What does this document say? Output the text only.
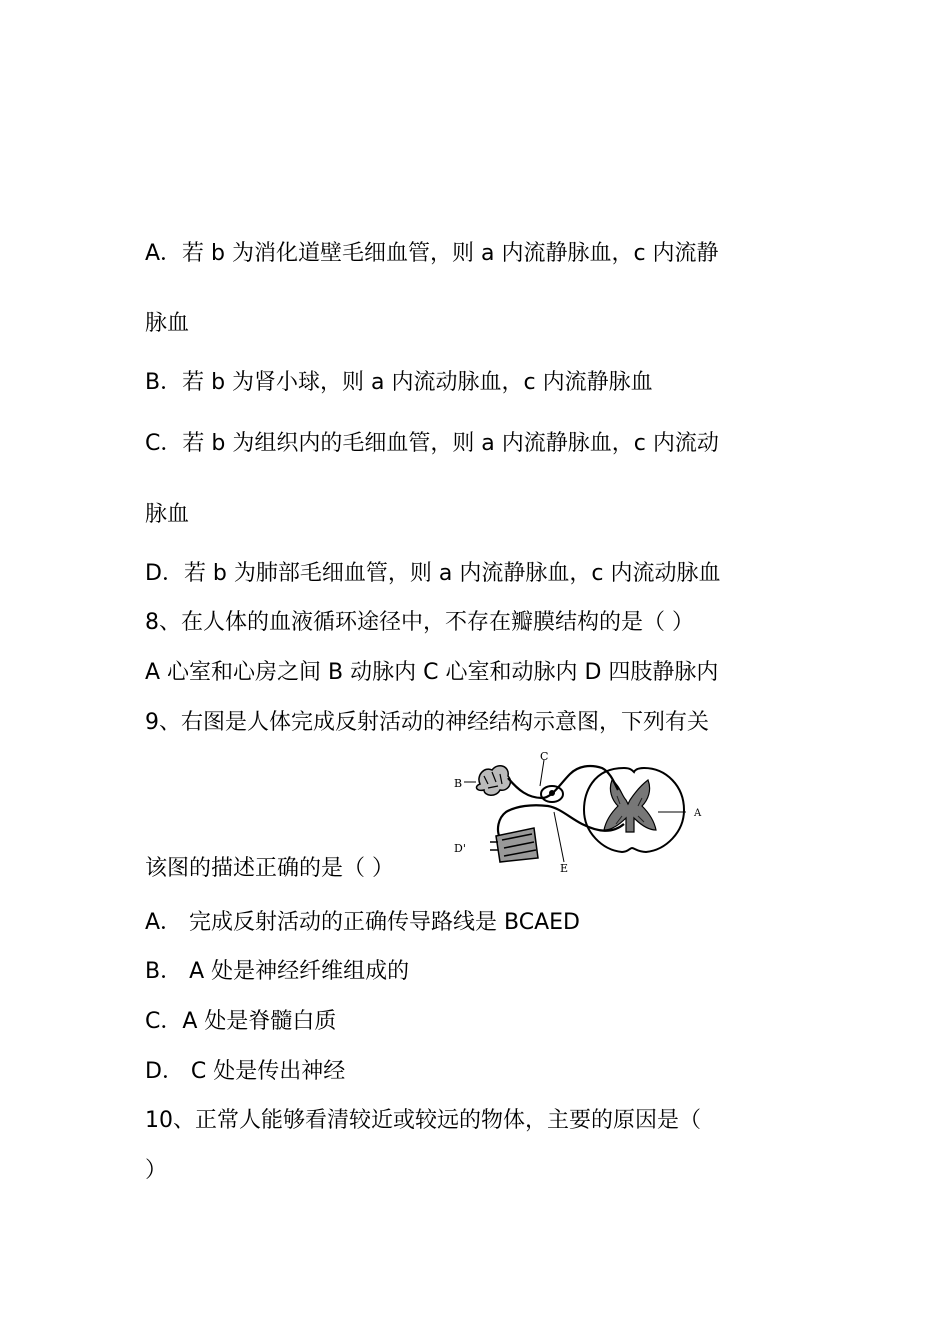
A．若 b 为消化道壁毛细血管，则 a 内流静脉血，c 内流静
脉血
B．若 b 为肾小球，则 a 内流动脉血，c 内流静脉血
C．若 b 为组织内的毛细血管，则 a 内流静脉血，c 内流动
脉血
D．若 b 为肺部毛细血管，则 a 内流静脉血，c 内流动脉血
8、在人体的血液循环途径中，不存在瓣膜结构的是（ ）
A 心室和心房之间 B 动脉内 C 心室和动脉内 D 四肢静脉内
9、右图是人体完成反射活动的神经结构示意图，下列有关
C
B
A
D'
E
该图的描述正确的是（ ）
A． 完成反射活动的正确传导路线是 BCAED
B． A 处是神经纤维组成的
C．A 处是脊髓白质
D． C 处是传出神经
10、正常人能够看清较近或较远的物体，主要的原因是（
）
